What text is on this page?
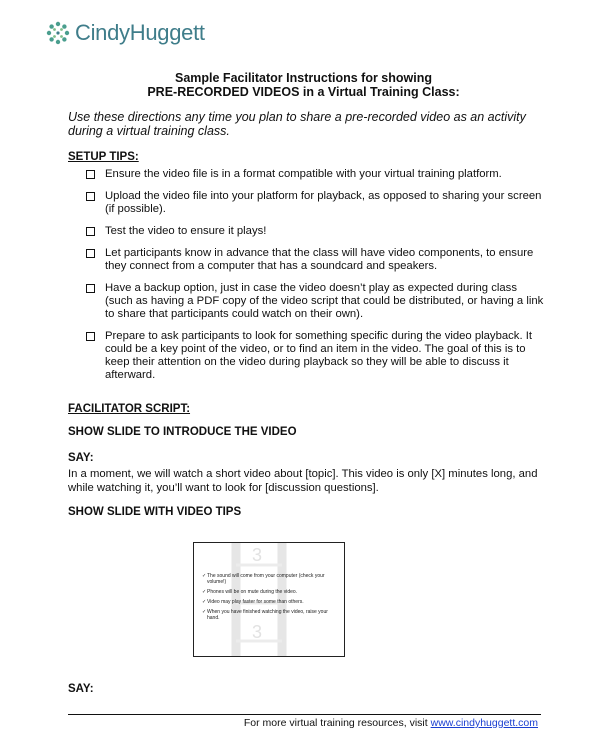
CindyHuggett
Sample Facilitator Instructions for showing
PRE-RECORDED VIDEOS in a Virtual Training Class:
Use these directions any time you plan to share a pre-recorded video as an activity during a virtual training class.
SETUP TIPS:
Ensure the video file is in a format compatible with your virtual training platform.
Upload the video file into your platform for playback, as opposed to sharing your screen (if possible).
Test the video to ensure it plays!
Let participants know in advance that the class will have video components, to ensure they connect from a computer that has a soundcard and speakers.
Have a backup option, just in case the video doesn’t play as expected during class (such as having a PDF copy of the video script that could be distributed, or having a link to share that participants could watch on their own).
Prepare to ask participants to look for something specific during the video playback. It could be a key point of the video, or to find an item in the video. The goal of this is to keep their attention on the video during playback so they will be able to discuss it afterward.
FACILITATOR SCRIPT:
SHOW SLIDE TO INTRODUCE THE VIDEO
SAY:
In a moment, we will watch a short video about [topic]. This video is only [X] minutes long, and while watching it, you’ll want to look for [discussion questions].
SHOW SLIDE WITH VIDEO TIPS
3
3
✓ The sound will come from your computer (check your volume!)
✓ Phones will be on mute during the video.
✓ Video may play faster for some than others.
✓ When you have finished watching the video, raise your hand.
SAY:
For more virtual training resources, visit www.cindyhuggett.com
